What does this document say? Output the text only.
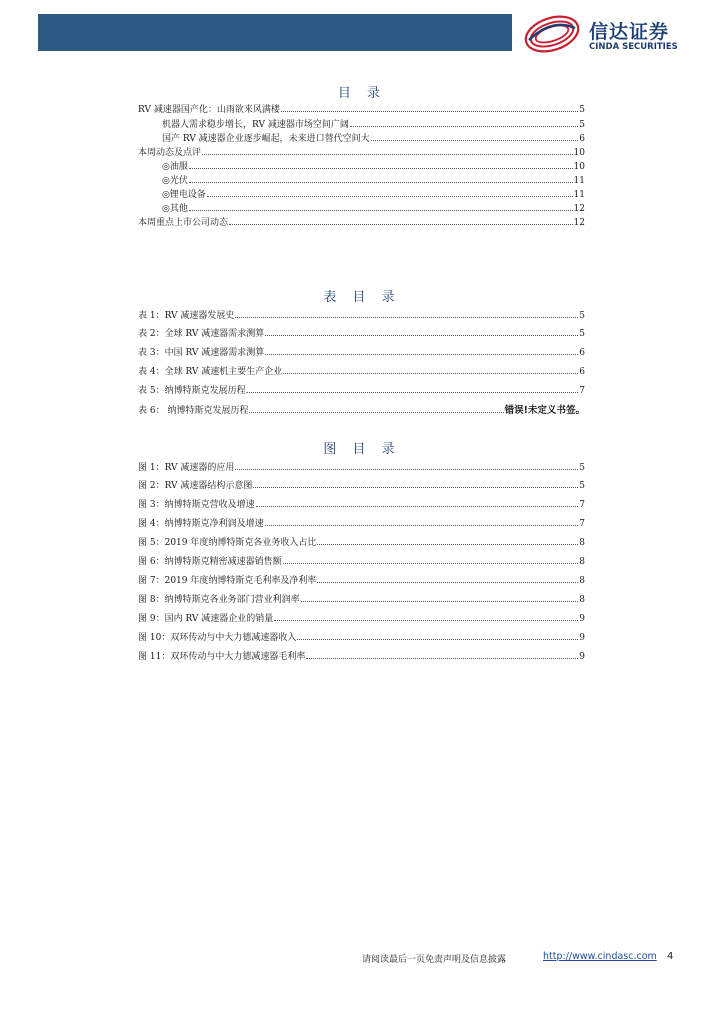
信达证券
CINDA SECURITIES
目 录
RV 减速器国产化：山雨欲来风满楼	5
机器人需求稳步增长，RV 减速器市场空间广阔	5
国产 RV 减速器企业逐步崛起，未来进口替代空间大	6
本周动态及点评	10
◎油服	10
◎光伏	11
◎锂电设备	11
◎其他	12
本周重点上市公司动态	12
表 目 录
表 1：RV 减速器发展史	5
表 2：全球 RV 减速器需求测算	5
表 3：中国 RV 减速器需求测算	6
表 4：全球 RV 减速机主要生产企业	6
表 5：纳博特斯克发展历程.	7
表 6： 纳博特斯克发展历程	错误!未定义书签。
图 目 录
图 1：RV 减速器的应用	5
图 2：RV 减速器结构示意图	5
图 3：纳博特斯克营收及增速	7
图 4：纳博特斯克净利润及增速	7
图 5：2019 年度纳博特斯克各业务收入占比	8
图 6：纳博特斯克精密减速器销售额	8
图 7：2019 年度纳博特斯克毛利率及净利率	8
图 8：纳博特斯克各业务部门营业利润率	8
图 9：国内 RV 减速器企业的销量	9
图 10：双环传动与中大力德减速器收入	9
图 11：双环传动与中大力德减速器毛利率	9
请阅读最后一页免责声明及信息披露	http://www.cindasc.com 4
